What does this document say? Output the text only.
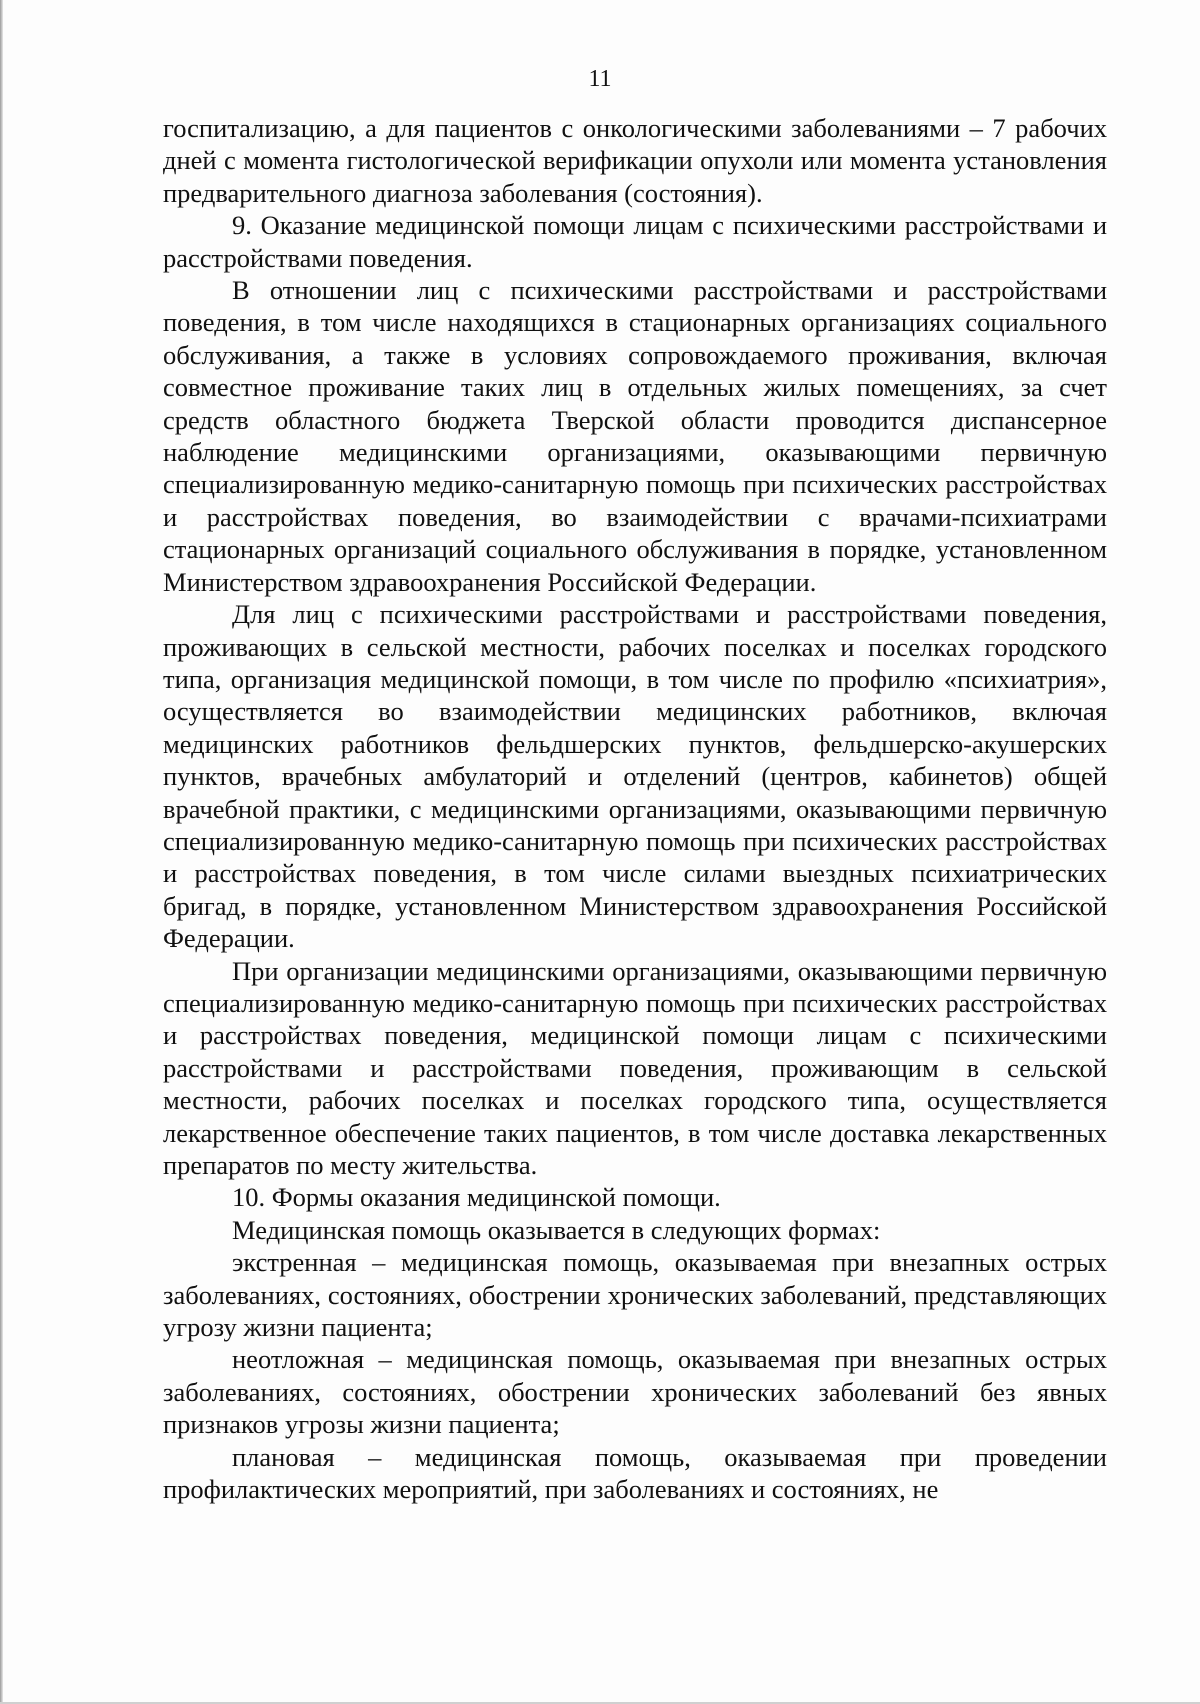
11

госпитализацию, а для пациентов с онкологическими заболеваниями – 7 рабочих дней с момента гистологической верификации опухоли или момента установления предварительного диагноза заболевания (состояния).

9. Оказание медицинской помощи лицам с психическими расстройствами и расстройствами поведения.

В отношении лиц с психическими расстройствами и расстройствами поведения, в том числе находящихся в стационарных организациях социального обслуживания, а также в условиях сопровождаемого проживания, включая совместное проживание таких лиц в отдельных жилых помещениях, за счет средств областного бюджета Тверской области проводится диспансерное наблюдение медицинскими организациями, оказывающими первичную специализированную медико-санитарную помощь при психических расстройствах и расстройствах поведения, во взаимодействии с врачами-психиатрами стационарных организаций социального обслуживания в порядке, установленном Министерством здравоохранения Российской Федерации.

Для лиц с психическими расстройствами и расстройствами поведения, проживающих в сельской местности, рабочих поселках и поселках городского типа, организация медицинской помощи, в том числе по профилю «психиатрия», осуществляется во взаимодействии медицинских работников, включая медицинских работников фельдшерских пунктов, фельдшерско-акушерских пунктов, врачебных амбулаторий и отделений (центров, кабинетов) общей врачебной практики, с медицинскими организациями, оказывающими первичную специализированную медико-санитарную помощь при психических расстройствах и расстройствах поведения, в том числе силами выездных психиатрических бригад, в порядке, установленном Министерством здравоохранения Российской Федерации.

При организации медицинскими организациями, оказывающими первичную специализированную медико-санитарную помощь при психических расстройствах и расстройствах поведения, медицинской помощи лицам с психическими расстройствами и расстройствами поведения, проживающим в сельской местности, рабочих поселках и поселках городского типа, осуществляется лекарственное обеспечение таких пациентов, в том числе доставка лекарственных препаратов по месту жительства.

10. Формы оказания медицинской помощи.

Медицинская помощь оказывается в следующих формах:

экстренная – медицинская помощь, оказываемая при внезапных острых заболеваниях, состояниях, обострении хронических заболеваний, представляющих угрозу жизни пациента;

неотложная – медицинская помощь, оказываемая при внезапных острых заболеваниях, состояниях, обострении хронических заболеваний без явных признаков угрозы жизни пациента;

плановая – медицинская помощь, оказываемая при проведении профилактических мероприятий, при заболеваниях и состояниях, не
